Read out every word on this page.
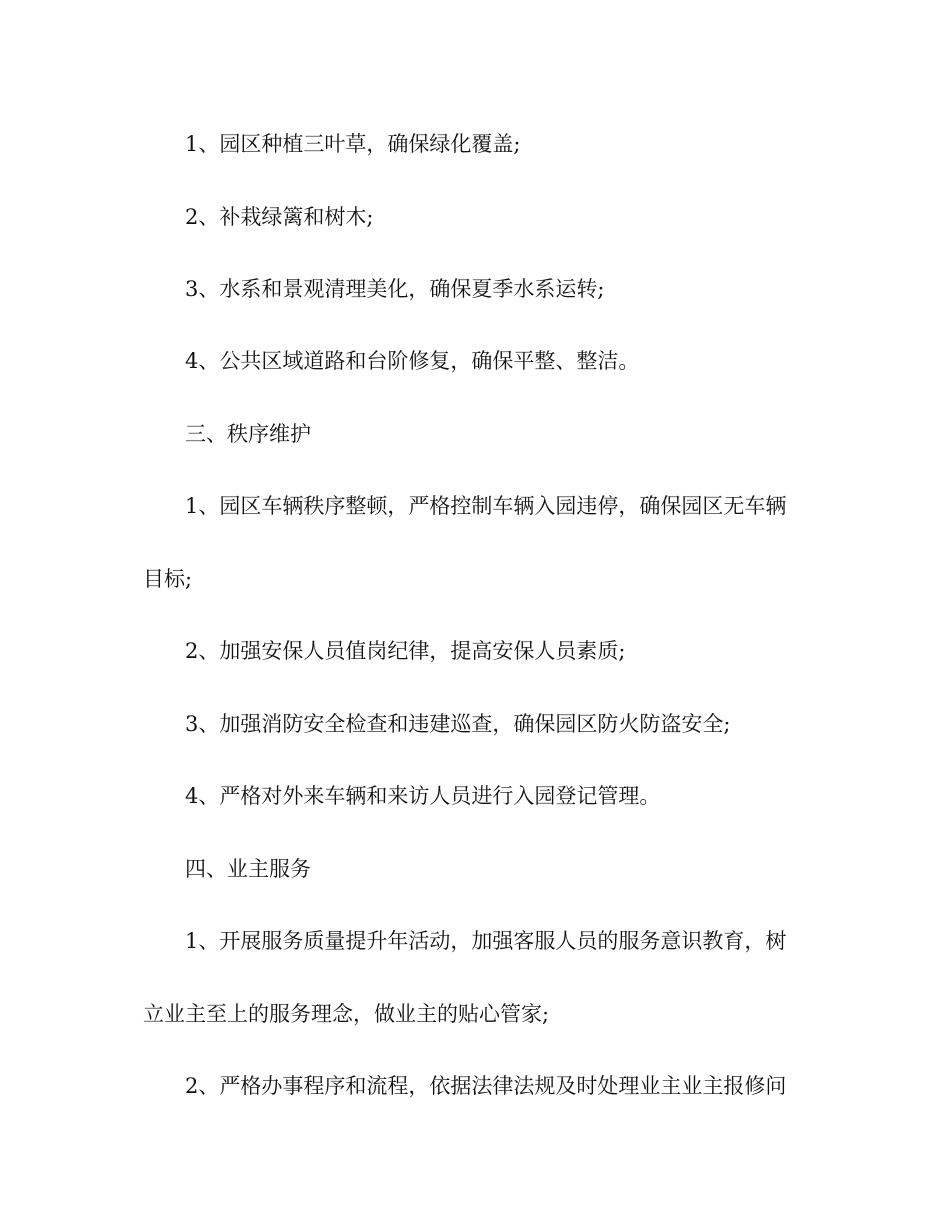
1、园区种植三叶草，确保绿化覆盖;
2、补栽绿篱和树木;
3、水系和景观清理美化，确保夏季水系运转;
4、公共区域道路和台阶修复，确保平整、整洁。
三、秩序维护
1、园区车辆秩序整顿，严格控制车辆入园违停，确保园区无车辆
目标;
2、加强安保人员值岗纪律，提高安保人员素质;
3、加强消防安全检查和违建巡查，确保园区防火防盗安全;
4、严格对外来车辆和来访人员进行入园登记管理。
四、业主服务
1、开展服务质量提升年活动，加强客服人员的服务意识教育，树
立业主至上的服务理念，做业主的贴心管家;
2、严格办事程序和流程，依据法律法规及时处理业主业主报修问
